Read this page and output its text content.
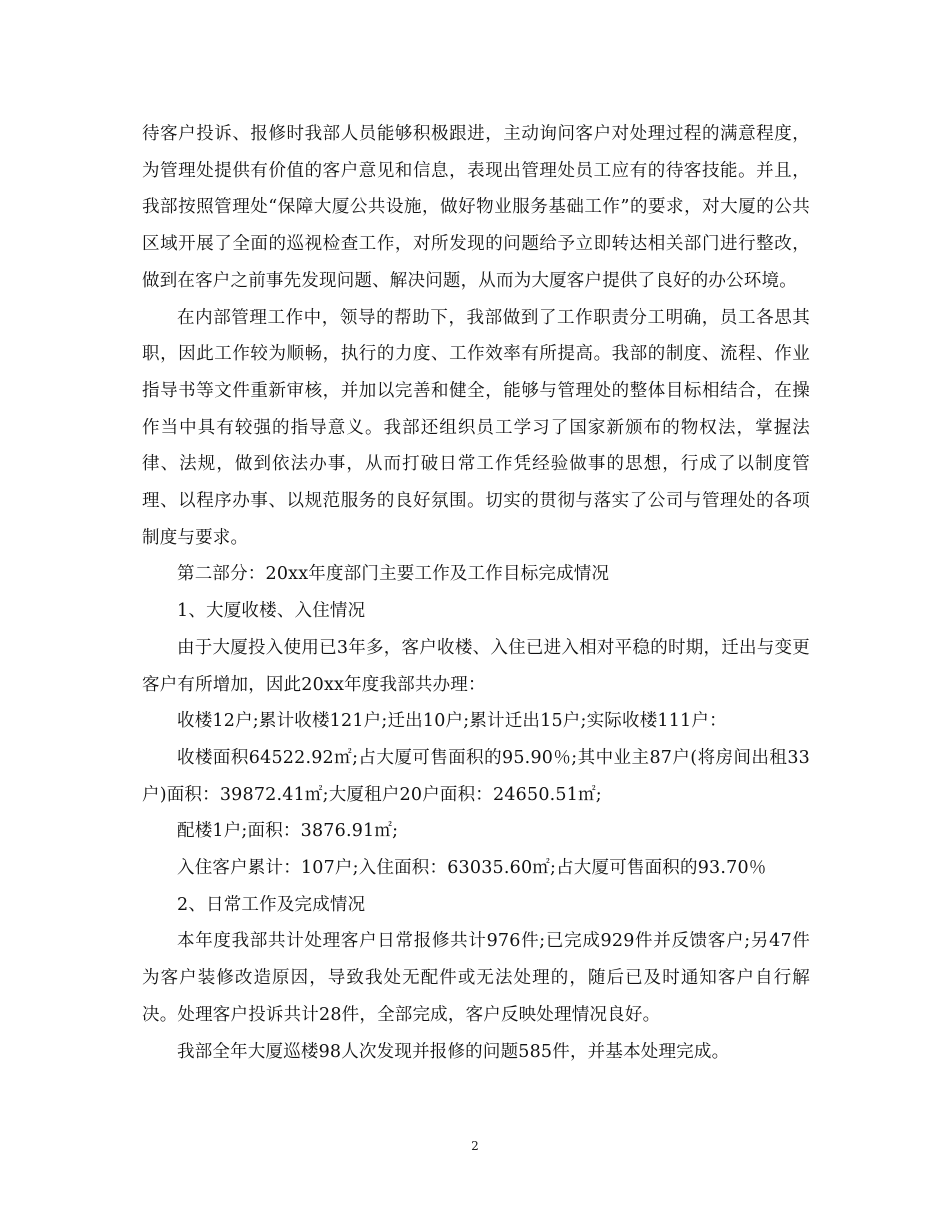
待客户投诉、报修时我部人员能够积极跟进，主动询问客户对处理过程的满意程度，为管理处提供有价值的客户意见和信息，表现出管理处员工应有的待客技能。并且，我部按照管理处“保障大厦公共设施，做好物业服务基础工作”的要求，对大厦的公共区域开展了全面的巡视检查工作，对所发现的问题给予立即转达相关部门进行整改，做到在客户之前事先发现问题、解决问题，从而为大厦客户提供了良好的办公环境。

在内部管理工作中，领导的帮助下，我部做到了工作职责分工明确，员工各思其职，因此工作较为顺畅，执行的力度、工作效率有所提高。我部的制度、流程、作业指导书等文件重新审核，并加以完善和健全，能够与管理处的整体目标相结合，在操作当中具有较强的指导意义。我部还组织员工学习了国家新颁布的物权法，掌握法律、法规，做到依法办事，从而打破日常工作凭经验做事的思想，行成了以制度管理、以程序办事、以规范服务的良好氛围。切实的贯彻与落实了公司与管理处的各项制度与要求。

第二部分：20xx年度部门主要工作及工作目标完成情况

1、大厦收楼、入住情况

由于大厦投入使用已3年多，客户收楼、入住已进入相对平稳的时期，迁出与变更客户有所增加，因此20xx年度我部共办理：

收楼12户;累计收楼121户;迁出10户;累计迁出15户;实际收楼111户：

收楼面积64522.92㎡;占大厦可售面积的95.90％;其中业主87户(将房间出租33户)面积：39872.41㎡;大厦租户20户面积：24650.51㎡;

配楼1户;面积：3876.91㎡;

入住客户累计：107户;入住面积：63035.60㎡;占大厦可售面积的93.70％

2、日常工作及完成情况

本年度我部共计处理客户日常报修共计976件;已完成929件并反馈客户;另47件为客户装修改造原因，导致我处无配件或无法处理的，随后已及时通知客户自行解决。处理客户投诉共计28件，全部完成，客户反映处理情况良好。

我部全年大厦巡楼98人次发现并报修的问题585件，并基本处理完成。

2
